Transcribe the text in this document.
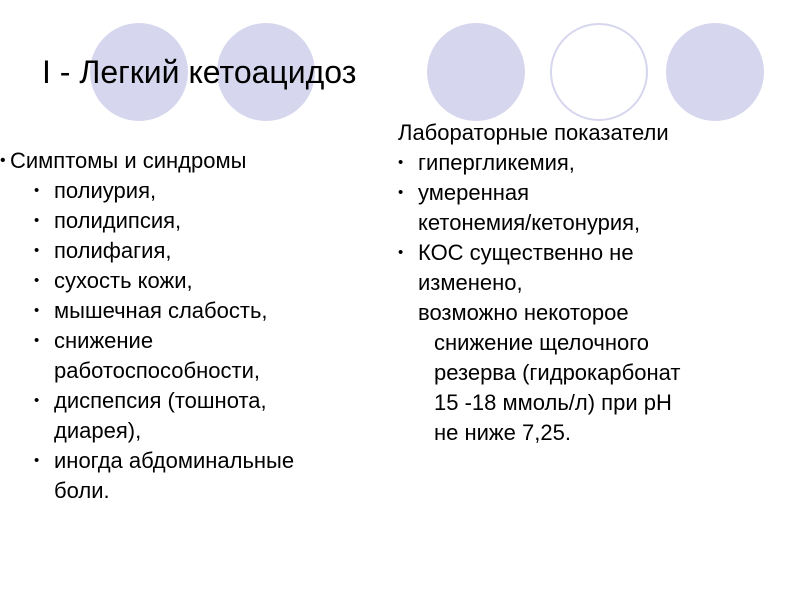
I - Легкий кетоацидоз
• Симптомы и синдромы
• полиурия,
• полидипсия,
• полифагия,
• сухость кожи,
• мышечная слабость,
• снижение
работоспособности,
• диспепсия (тошнота,
диарея),
• иногда абдоминальные
боли.
Лабораторные показатели
• гипергликемия,
• умеренная
кетонемия/кетонурия,
• КОС существенно не
изменено,
возможно некоторое
снижение щелочного
резерва (гидрокарбонат
15 -18 ммоль/л) при рН
не ниже 7,25.
